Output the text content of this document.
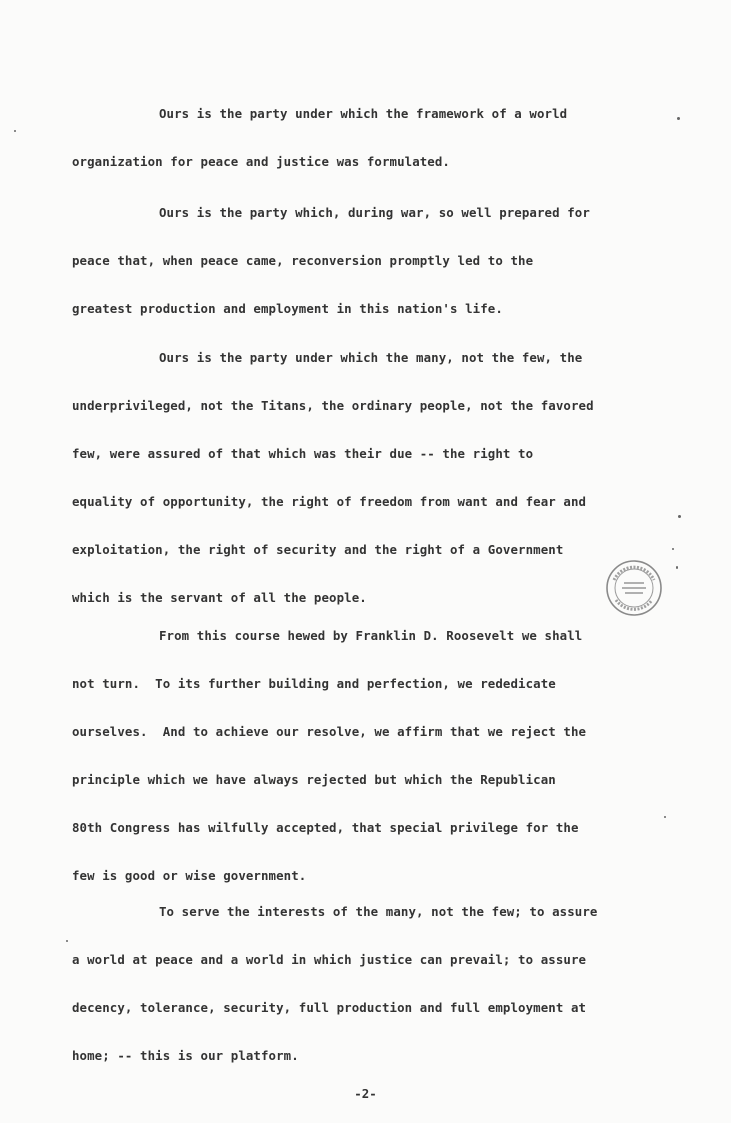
Ours is the party under which the framework of a world
organization for peace and justice was formulated.
Ours is the party which, during war, so well prepared for
peace that, when peace came, reconversion promptly led to the
greatest production and employment in this nation's life.
Ours is the party under which the many, not the few, the
underprivileged, not the Titans, the ordinary people, not the favored
few, were assured of that which was their due -- the right to
equality of opportunity, the right of freedom from want and fear and
exploitation, the right of security and the right of a Government
which is the servant of all the people.
From this course hewed by Franklin D. Roosevelt we shall
not turn.  To its further building and perfection, we rededicate
ourselves.  And to achieve our resolve, we affirm that we reject the
principle which we have always rejected but which the Republican
80th Congress has wilfully accepted, that special privilege for the
few is good or wise government.
To serve the interests of the many, not the few; to assure
a world at peace and a world in which justice can prevail; to assure
decency, tolerance, security, full production and full employment at
home; -- this is our platform.
-2-
